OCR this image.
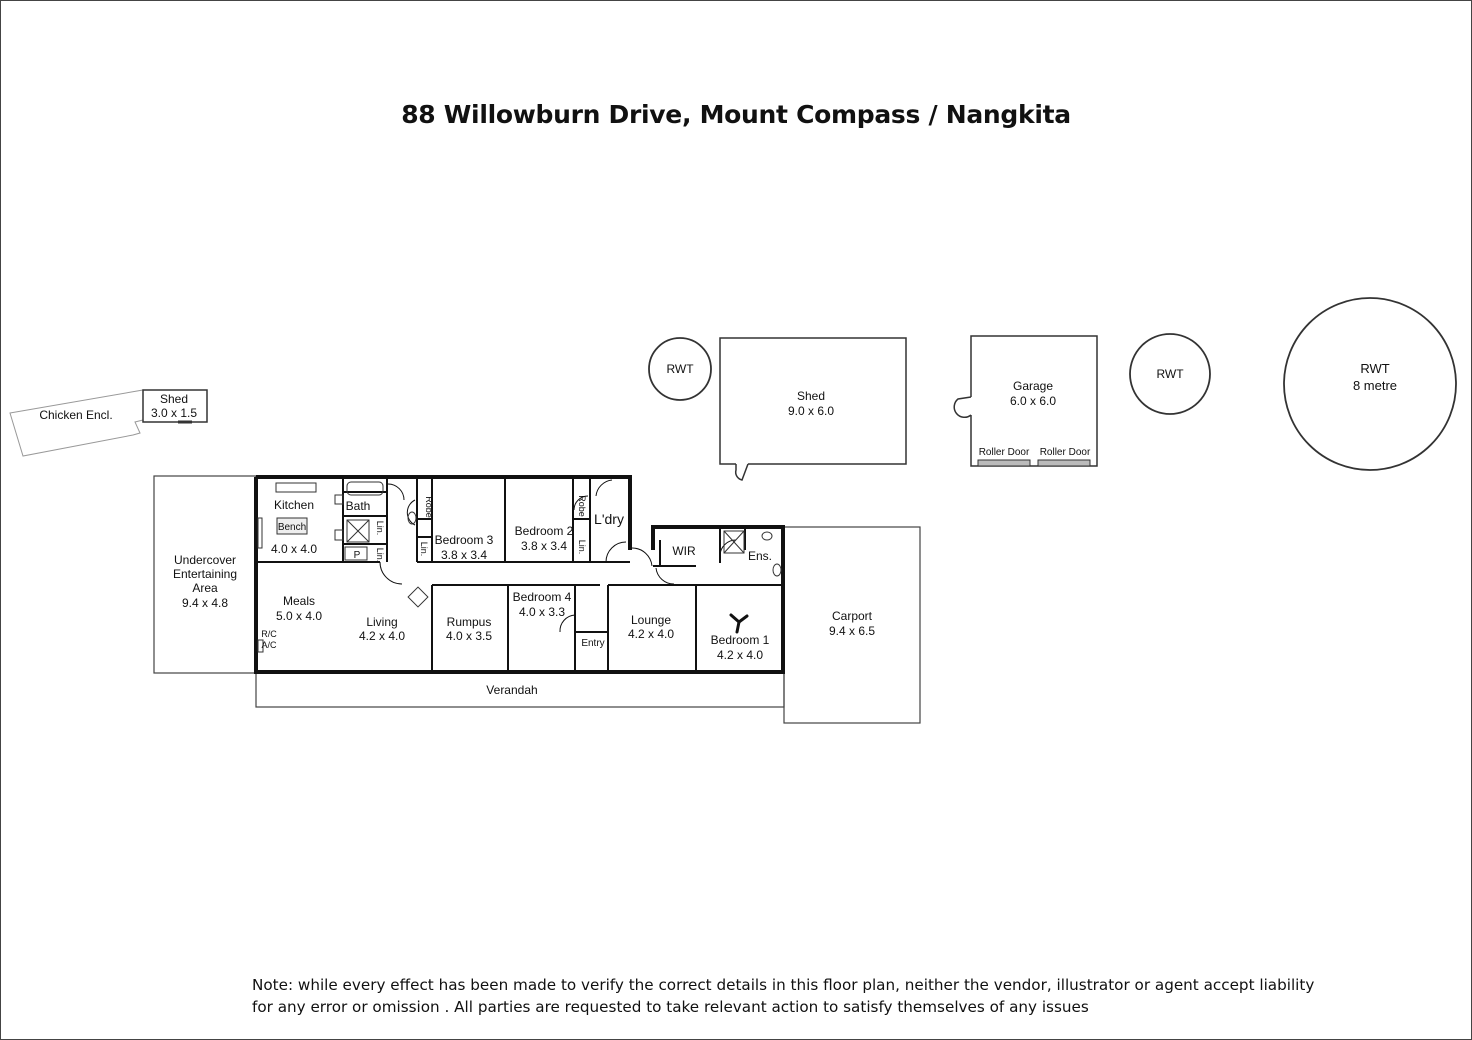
88 Willowburn Drive, Mount Compass / Nangkita
Chicken Encl.
Shed
3.0 x 1.5
Undercover
Entertaining
Area
9.4 x 4.8
Verandah
Carport
9.4 x 6.5
Kitchen
Bench
4.0 x 4.0
Bath
P
Robe	Robe
Lin.
Lin.	Lin.	Lin.
Bedroom 3
3.8 x 3.4
Bedroom 2
3.8 x 3.4
L'dry
Meals
5.0 x 4.0
R/C
A/C
Living
4.2 x 4.0
Rumpus
4.0 x 3.5
Bedroom 4
4.0 x 3.3
Entry
Lounge
4.2 x 4.0
WIR	Ens.
Bedroom 1
4.2 x 4.0
RWT
Shed
9.0 x 6.0
Garage
6.0 x 6.0
Roller Door Roller Door
RWT	RWT
8 metre
Note: while every effect has been made to verify the correct details in this floor plan, neither the vendor, illustrator or agent accept liability for any error or omission . All parties are requested to take relevant action to satisfy themselves of any issues
